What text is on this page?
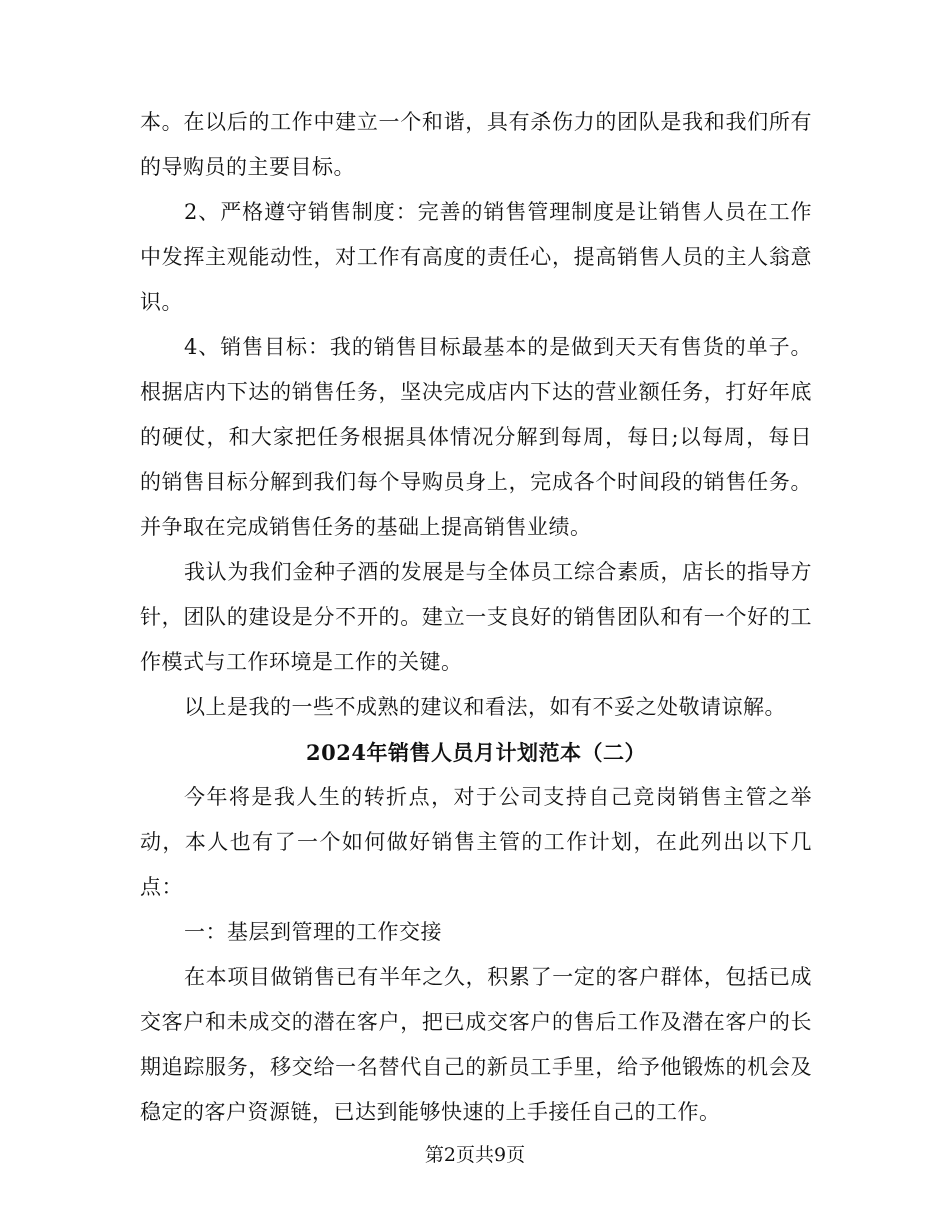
本。在以后的工作中建立一个和谐，具有杀伤力的团队是我和我们所有的导购员的主要目标。

2、严格遵守销售制度：完善的销售管理制度是让销售人员在工作中发挥主观能动性，对工作有高度的责任心，提高销售人员的主人翁意识。

4、销售目标：我的销售目标最基本的是做到天天有售货的单子。根据店内下达的销售任务，坚决完成店内下达的营业额任务，打好年底的硬仗，和大家把任务根据具体情况分解到每周，每日;以每周，每日的销售目标分解到我们每个导购员身上，完成各个时间段的销售任务。并争取在完成销售任务的基础上提高销售业绩。

我认为我们金种子酒的发展是与全体员工综合素质，店长的指导方针，团队的建设是分不开的。建立一支良好的销售团队和有一个好的工作模式与工作环境是工作的关键。

以上是我的一些不成熟的建议和看法，如有不妥之处敬请谅解。

2024年销售人员月计划范本（二）

今年将是我人生的转折点，对于公司支持自己竞岗销售主管之举动，本人也有了一个如何做好销售主管的工作计划，在此列出以下几点：

一：基层到管理的工作交接

在本项目做销售已有半年之久，积累了一定的客户群体，包括已成交客户和未成交的潜在客户，把已成交客户的售后工作及潜在客户的长期追踪服务，移交给一名替代自己的新员工手里，给予他锻炼的机会及稳定的客户资源链，已达到能够快速的上手接任自己的工作。

第2页共9页
